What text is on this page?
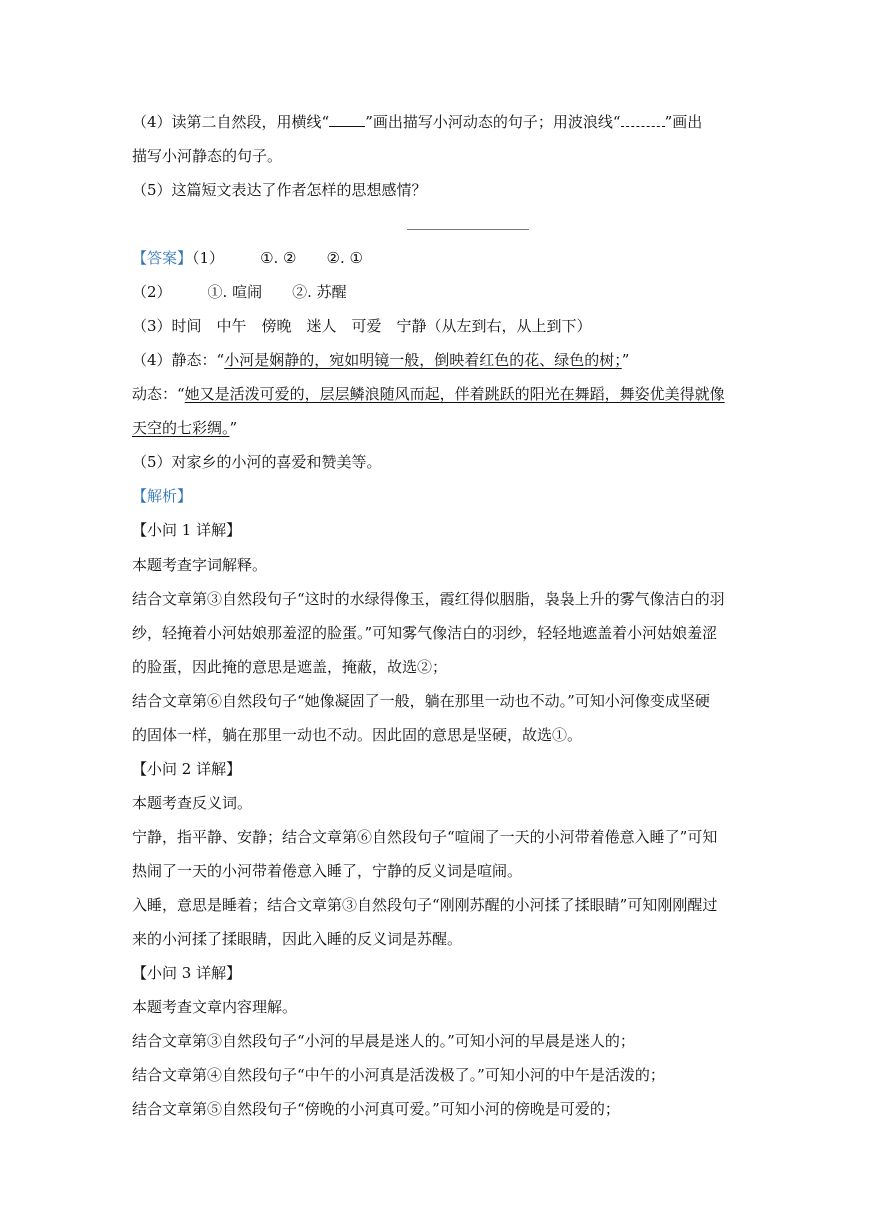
（4）读第二自然段，用横线“ ”画出描写小河动态的句子；用波浪线“	”画出
描写小河静态的句子。
（5）这篇短文表达了作者怎样的思想感情？
【答案】（1） ①. ② ②. ①
（2） ①. 喧闹 ②. 苏醒
（3）时间　中午　傍晚　迷人　可爱　宁静（从左到右，从上到下）
（4）静态：“小河是娴静的，宛如明镜一般，倒映着红色的花、绿色的树；”
动态：“她又是活泼可爱的，层层鳞浪随风而起，伴着跳跃的阳光在舞蹈，舞姿优美得就像
天空的七彩绸。”
（5）对家乡的小河的喜爱和赞美等。
【解析】
【小问 1 详解】
本题考查字词解释。
结合文章第③自然段句子“这时的水绿得像玉，霞红得似胭脂，袅袅上升的雾气像洁白的羽
纱，轻掩着小河姑娘那羞涩的脸蛋。”可知雾气像洁白的羽纱，轻轻地遮盖着小河姑娘羞涩
的脸蛋，因此掩的意思是遮盖，掩蔽，故选②；
结合文章第⑥自然段句子“她像凝固了一般，躺在那里一动也不动。”可知小河像变成坚硬
的固体一样，躺在那里一动也不动。因此固的意思是坚硬，故选①。
【小问 2 详解】
本题考查反义词。
宁静，指平静、安静；结合文章第⑥自然段句子“喧闹了一天的小河带着倦意入睡了”可知
热闹了一天的小河带着倦意入睡了，宁静的反义词是喧闹。
入睡，意思是睡着；结合文章第③自然段句子“刚刚苏醒的小河揉了揉眼睛”可知刚刚醒过
来的小河揉了揉眼睛，因此入睡的反义词是苏醒。
【小问 3 详解】
本题考查文章内容理解。
结合文章第③自然段句子“小河的早晨是迷人的。”可知小河的早晨是迷人的；
结合文章第④自然段句子“中午的小河真是活泼极了。”可知小河的中午是活泼的；
结合文章第⑤自然段句子“傍晚的小河真可爱。”可知小河的傍晚是可爱的；
